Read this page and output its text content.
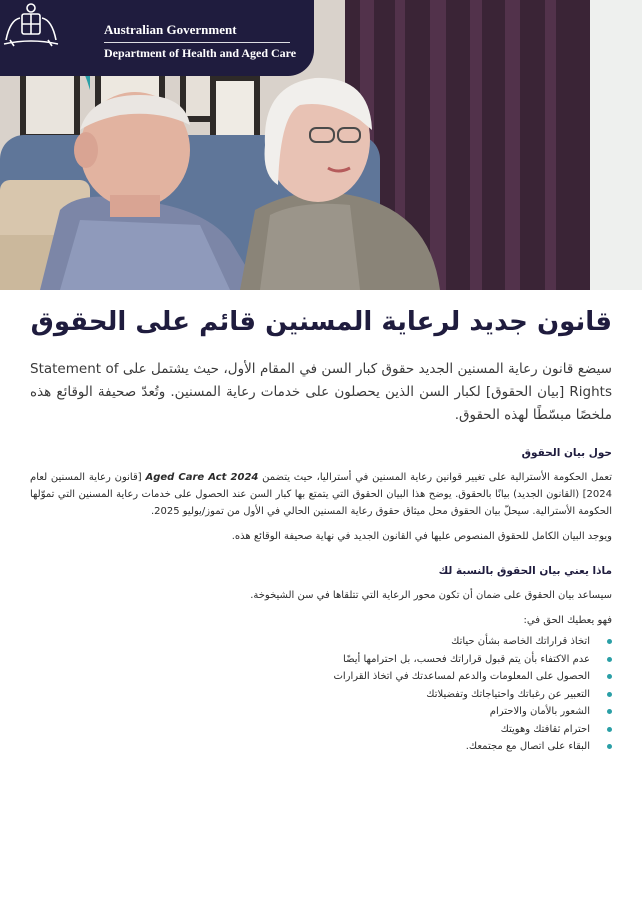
Australian Government
Department of Health and Aged Care
قانون جديد لرعاية المسنين قائم على الحقوق

سيضع قانون رعاية المسنين الجديد حقوق كبار السن في المقام الأول، حيث يشتمل على Statement of Rights [بيان الحقوق] لكبار السن الذين يحصلون على خدمات رعاية المسنين. وتُعدّ صحيفة الوقائع هذه ملخصًا مبسّطًا لهذه الحقوق.

حول بيان الحقوق

تعمل الحكومة الأسترالية على تغيير قوانين رعاية المسنين في أستراليا، حيث يتضمن Aged Care Act 2024 [قانون رعاية المسنين لعام 2024] (القانون الجديد) بيانًا بالحقوق. يوضح هذا البيان الحقوق التي يتمتع بها كبار السن عند الحصول على خدمات رعاية المسنين التي تموّلها الحكومة الأسترالية. سيحلّ بيان الحقوق محل ميثاق حقوق رعاية المسنين الحالي في الأول من تموز/يوليو 2025.

ويوجد البيان الكامل للحقوق المنصوص عليها في القانون الجديد في نهاية صحيفة الوقائع هذه.

ماذا يعني بيان الحقوق بالنسبة لك

سيساعد بيان الحقوق على ضمان أن تكون محور الرعاية التي تتلقاها في سن الشيخوخة.

فهو يعطيك الحق في:

اتخاذ قراراتك الخاصة بشأن حياتك
عدم الاكتفاء بأن يتم قبول قراراتك فحسب، بل احترامها أيضًا
الحصول على المعلومات والدعم لمساعدتك في اتخاذ القرارات
التعبير عن رغباتك واحتياجاتك وتفضيلاتك
الشعور بالأمان والاحترام
احترام ثقافتك وهويتك
البقاء على اتصال مع مجتمعك.
